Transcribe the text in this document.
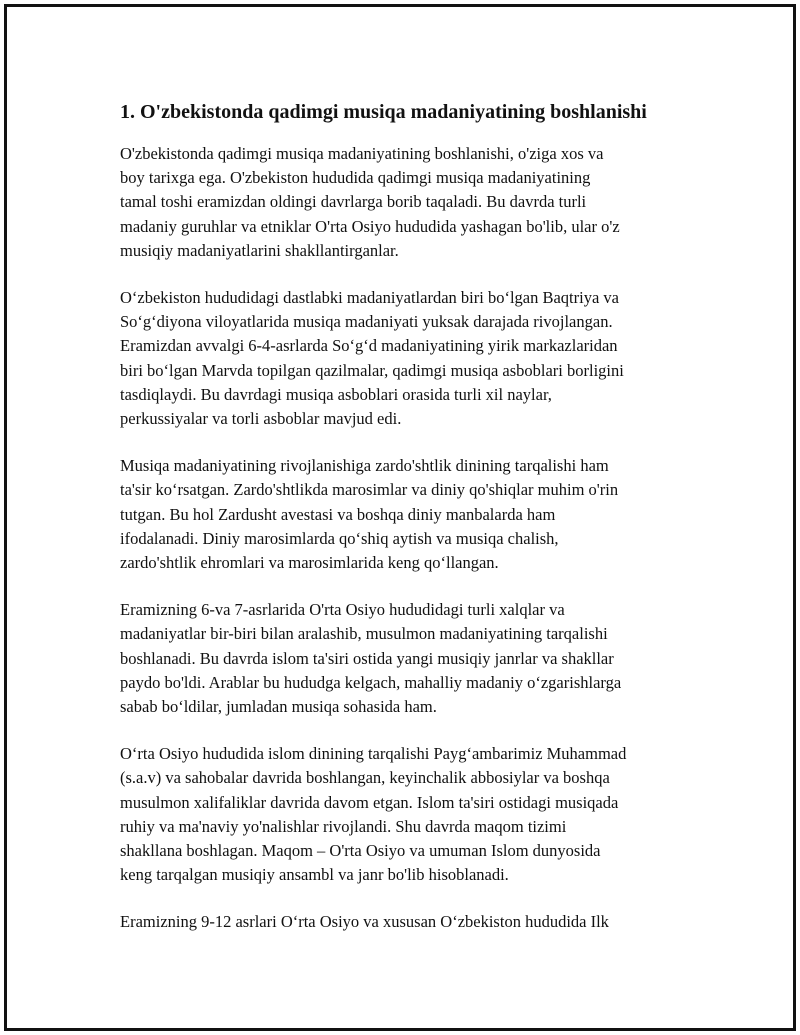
1. O'zbekistonda qadimgi musiqa madaniyatining boshlanishi

O'zbekistonda qadimgi musiqa madaniyatining boshlanishi, o'ziga xos va
boy tarixga ega. O'zbekiston hududida qadimgi musiqa madaniyatining
tamal toshi eramizdan oldingi davrlarga borib taqaladi. Bu davrda turli
madaniy guruhlar va etniklar O'rta Osiyo hududida yashagan bo'lib, ular o'z
musiqiy madaniyatlarini shakllantirganlar.

O‘zbekiston hududidagi dastlabki madaniyatlardan biri bo‘lgan Baqtriya va
So‘g‘diyona viloyatlarida musiqa madaniyati yuksak darajada rivojlangan.
Eramizdan avvalgi 6-4-asrlarda So‘g‘d madaniyatining yirik markazlaridan
biri bo‘lgan Marvda topilgan qazilmalar, qadimgi musiqa asboblari borligini
tasdiqlaydi. Bu davrdagi musiqa asboblari orasida turli xil naylar,
perkussiyalar va torli asboblar mavjud edi.

Musiqa madaniyatining rivojlanishiga zardo'shtlik dinining tarqalishi ham
ta'sir ko‘rsatgan. Zardo'shtlikda marosimlar va diniy qo'shiqlar muhim o'rin
tutgan. Bu hol Zardusht avestasi va boshqa diniy manbalarda ham
ifodalanadi. Diniy marosimlarda qo‘shiq aytish va musiqa chalish,
zardo'shtlik ehromlari va marosimlarida keng qo‘llangan.

Eramizning 6-va 7-asrlarida O'rta Osiyo hududidagi turli xalqlar va
madaniyatlar bir-biri bilan aralashib, musulmon madaniyatining tarqalishi
boshlanadi. Bu davrda islom ta'siri ostida yangi musiqiy janrlar va shakllar
paydo bo'ldi. Arablar bu hududga kelgach, mahalliy madaniy o‘zgarishlarga
sabab bo‘ldilar, jumladan musiqa sohasida ham.

O‘rta Osiyo hududida islom dinining tarqalishi Payg‘ambarimiz Muhammad
(s.a.v) va sahobalar davrida boshlangan, keyinchalik abbosiylar va boshqa
musulmon xalifaliklar davrida davom etgan. Islom ta'siri ostidagi musiqada
ruhiy va ma'naviy yo'nalishlar rivojlandi. Shu davrda maqom tizimi
shakllana boshlagan. Maqom – O'rta Osiyo va umuman Islom dunyosida
keng tarqalgan musiqiy ansambl va janr bo'lib hisoblanadi.

Eramizning 9-12 asrlari O‘rta Osiyo va xususan O‘zbekiston hududida Ilk
